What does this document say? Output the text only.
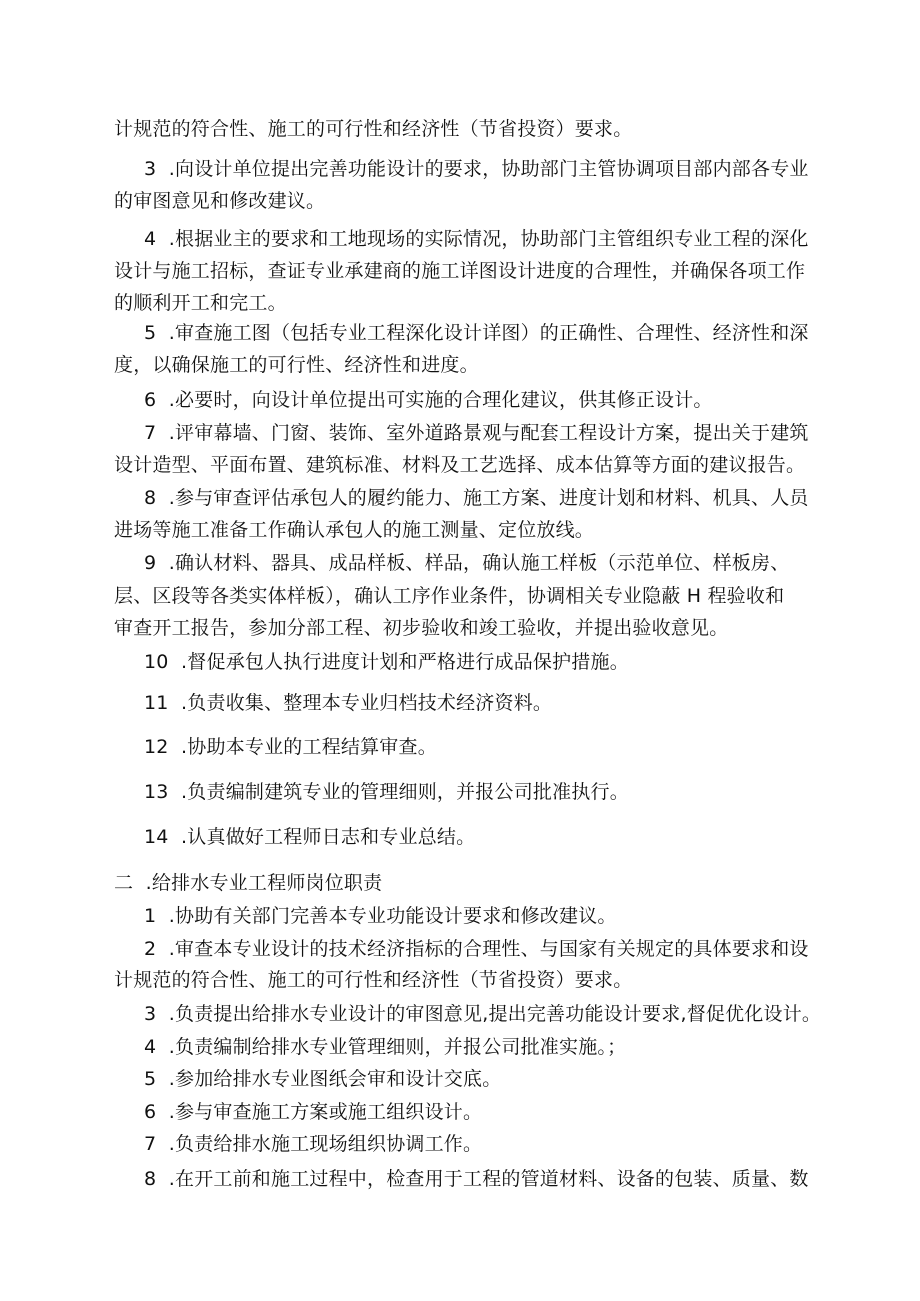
计规范的符合性、施工的可行性和经济性（节省投资）要求。
3  .向设计单位提出完善功能设计的要求，协助部门主管协调项目部内部各专业
的审图意见和修改建议。
4  .根据业主的要求和工地现场的实际情况，协助部门主管组织专业工程的深化
设计与施工招标，查证专业承建商的施工详图设计进度的合理性，并确保各项工作
的顺利开工和完工。
5  .审查施工图（包括专业工程深化设计详图）的正确性、合理性、经济性和深
度，以确保施工的可行性、经济性和进度。
6  .必要时，向设计单位提出可实施的合理化建议，供其修正设计。
7  .评审幕墙、门窗、装饰、室外道路景观与配套工程设计方案，提出关于建筑
设计造型、平面布置、建筑标准、材料及工艺选择、成本估算等方面的建议报告。
8  .参与审查评估承包人的履约能力、施工方案、进度计划和材料、机具、人员
进场等施工准备工作确认承包人的施工测量、定位放线。
9  .确认材料、器具、成品样板、样品，确认施工样板（示范单位、样板房、
层、区段等各类实体样板），确认工序作业条件，协调相关专业隐蔽 H 程验收和
审查开工报告，参加分部工程、初步验收和竣工验收，并提出验收意见。
10  .督促承包人执行进度计划和严格进行成品保护措施。
11  .负责收集、整理本专业归档技术经济资料。
12  .协助本专业的工程结算审查。
13  .负责编制建筑专业的管理细则，并报公司批准执行。
14  .认真做好工程师日志和专业总结。
二  .给排水专业工程师岗位职责
1  .协助有关部门完善本专业功能设计要求和修改建议。
2  .审查本专业设计的技术经济指标的合理性、与国家有关规定的具体要求和设
计规范的符合性、施工的可行性和经济性（节省投资）要求。
3  .负责提出给排水专业设计的审图意见,提出完善功能设计要求,督促优化设计。
4  .负责编制给排水专业管理细则，并报公司批准实施。；
5  .参加给排水专业图纸会审和设计交底。
6  .参与审查施工方案或施工组织设计。
7  .负责给排水施工现场组织协调工作。
8  .在开工前和施工过程中，检查用于工程的管道材料、设备的包装、质量、数
